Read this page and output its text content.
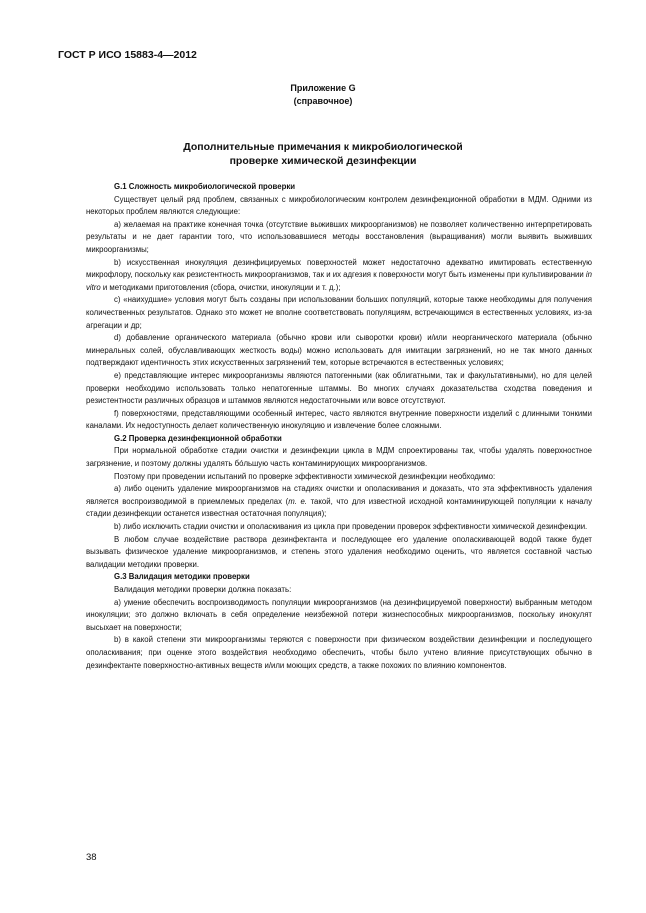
ГОСТ Р ИСО 15883-4—2012
Приложение G
(справочное)
Дополнительные примечания к микробиологической
проверке химической дезинфекции
G.1 Сложность микробиологической проверки

Существует целый ряд проблем, связанных с микробиологическим контролем дезинфекционной обработки в МДМ. Одними из некоторых проблем являются следующие:

а) желаемая на практике конечная точка (отсутствие выживших микроорганизмов) не позволяет количественно интерпретировать результаты и не дает гарантии того, что использовавшиеся методы восстановления (выращивания) могли выявить выживших микроорганизмы;

b) искусственная инокуляция дезинфицируемых поверхностей может недостаточно адекватно имитировать естественную микрофлору, поскольку как резистентность микроорганизмов, так и их адгезия к поверхности могут быть изменены при культивировании in vitro и методиками приготовления (сбора, очистки, инокуляции и т. д.);

с) «наихудшие» условия могут быть созданы при использовании больших популяций, которые также необходимы для получения количественных результатов. Однако это может не вполне соответствовать популяциям, встречающимся в естественных условиях, из-за агрегации и др;

d) добавление органического материала (обычно крови или сыворотки крови) и/или неорганического материала (обычно минеральных солей, обуславливающих жесткость воды) можно использовать для имитации загрязнений, но не так много данных подтверждают идентичность этих искусственных загрязнений тем, которые встречаются в естественных условиях;

е) представляющие интерес микроорганизмы являются патогенными (как облигатными, так и факультативными), но для целей проверки необходимо использовать только непатогенные штаммы. Во многих случаях доказательства сходства поведения и резистентности различных образцов и штаммов являются недостаточными или вовсе отсутствуют.

f) поверхностями, представляющими особенный интерес, часто являются внутренние поверхности изделий с длинными тонкими каналами. Их недоступность делает количественную инокуляцию и извлечение более сложными.

G.2 Проверка дезинфекционной обработки

При нормальной обработке стадии очистки и дезинфекции цикла в МДМ спроектированы так, чтобы удалять поверхностное загрязнение, и поэтому должны удалять бóльшую часть контаминирующих микроорганизмов.

Поэтому при проведении испытаний по проверке эффективности химической дезинфекции необходимо:

а) либо оценить удаление микроорганизмов на стадиях очистки и ополаскивания и доказать, что эта эффективность удаления является воспроизводимой в приемлемых пределах (т. е. такой, что для известной исходной контаминирующей популяции к началу стадии дезинфекции останется известная остаточная популяция);

b) либо исключить стадии очистки и ополаскивания из цикла при проведении проверок эффективности химической дезинфекции.

В любом случае воздействие раствора дезинфектанта и последующее его удаление ополаскивающей водой также будет вызывать физическое удаление микроорганизмов, и степень этого удаления необходимо оценить, что является составной частью валидации методики проверки.

G.3 Валидация методики проверки

Валидация методики проверки должна показать:

а) умение обеспечить воспроизводимость популяции микроорганизмов (на дезинфицируемой поверхности) выбранным методом инокуляции; это должно включать в себя определение неизбежной потери жизнеспособных микроорганизмов, поскольку инокулят высыхает на поверхности;

b) в какой степени эти микроорганизмы теряются с поверхности при физическом воздействии дезинфекции и последующего ополаскивания; при оценке этого воздействия необходимо обеспечить, чтобы было учтено влияние присутствующих обычно в дезинфектанте поверхностно-активных веществ и/или моющих средств, а также похожих по влиянию компонентов.

38
